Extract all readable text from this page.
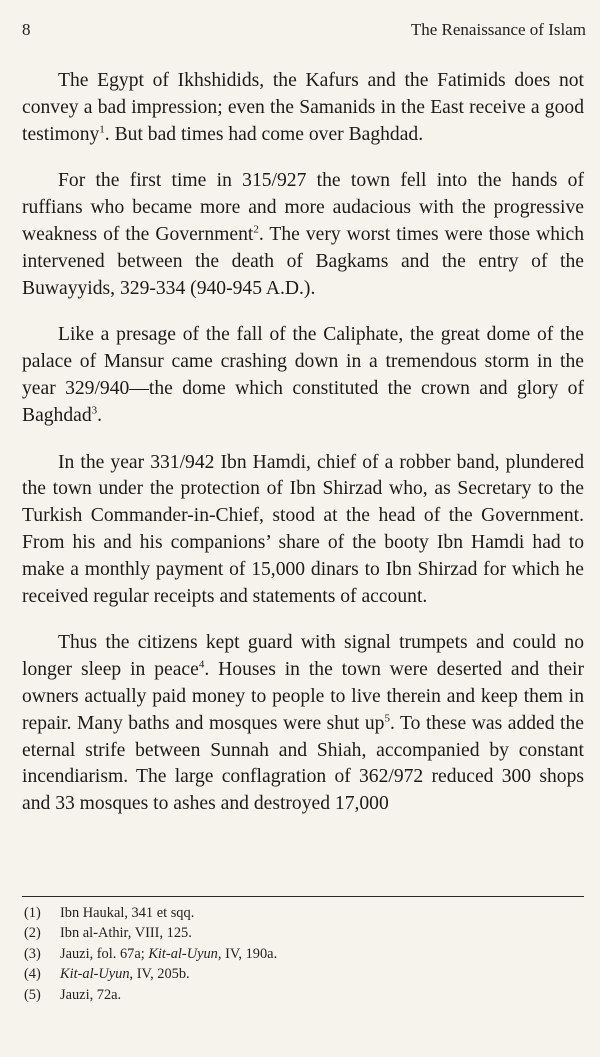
8	The Renaissance of Islam

The Egypt of Ikhshidids, the Kafurs and the Fatimids does not convey a bad impression; even the Samanids in the East receive a good testimony$^1$. But bad times had come over Baghdad.

For the first time in 315/927 the town fell into the hands of ruffians who became more and more audacious with the progressive weakness of the Government$^2$. The very worst times were those which intervened between the death of Bagkams and the entry of the Buwayyids, 329-334 (940-945 A.D.).

Like a presage of the fall of the Caliphate, the great dome of the palace of Mansur came crashing down in a tremendous storm in the year 329/940—the dome which constituted the crown and glory of Baghdad$^3$.

In the year 331/942 Ibn Hamdi, chief of a robber band, plundered the town under the protection of Ibn Shirzad who, as Secretary to the Turkish Commander-in-Chief, stood at the head of the Government. From his and his companions’ share of the booty Ibn Hamdi had to make a monthly payment of 15,000 dinars to Ibn Shirzad for which he received regular receipts and statements of account.

Thus the citizens kept guard with signal trumpets and could no longer sleep in peace$^4$. Houses in the town were deserted and their owners actually paid money to people to live therein and keep them in repair. Many baths and mosques were shut $up^5$. To these was added the eternal strife between Sunnah and Shiah, accompanied by constant incendiarism. The large conflagration of 362/972 reduced 300 shops and 33 mosques to ashes and destroyed 17,000

(1)	Ibn Haukal, 341 et sqq.
(2)	Ibn al-Athir, VIII, 125.
(3)	Jauzi, fol. 67a; Kit-al-Uyun, IV, 190a.
(4)	Kit-al-Uyun, IV, 205b.
(5)	Jauzi, 72a.
